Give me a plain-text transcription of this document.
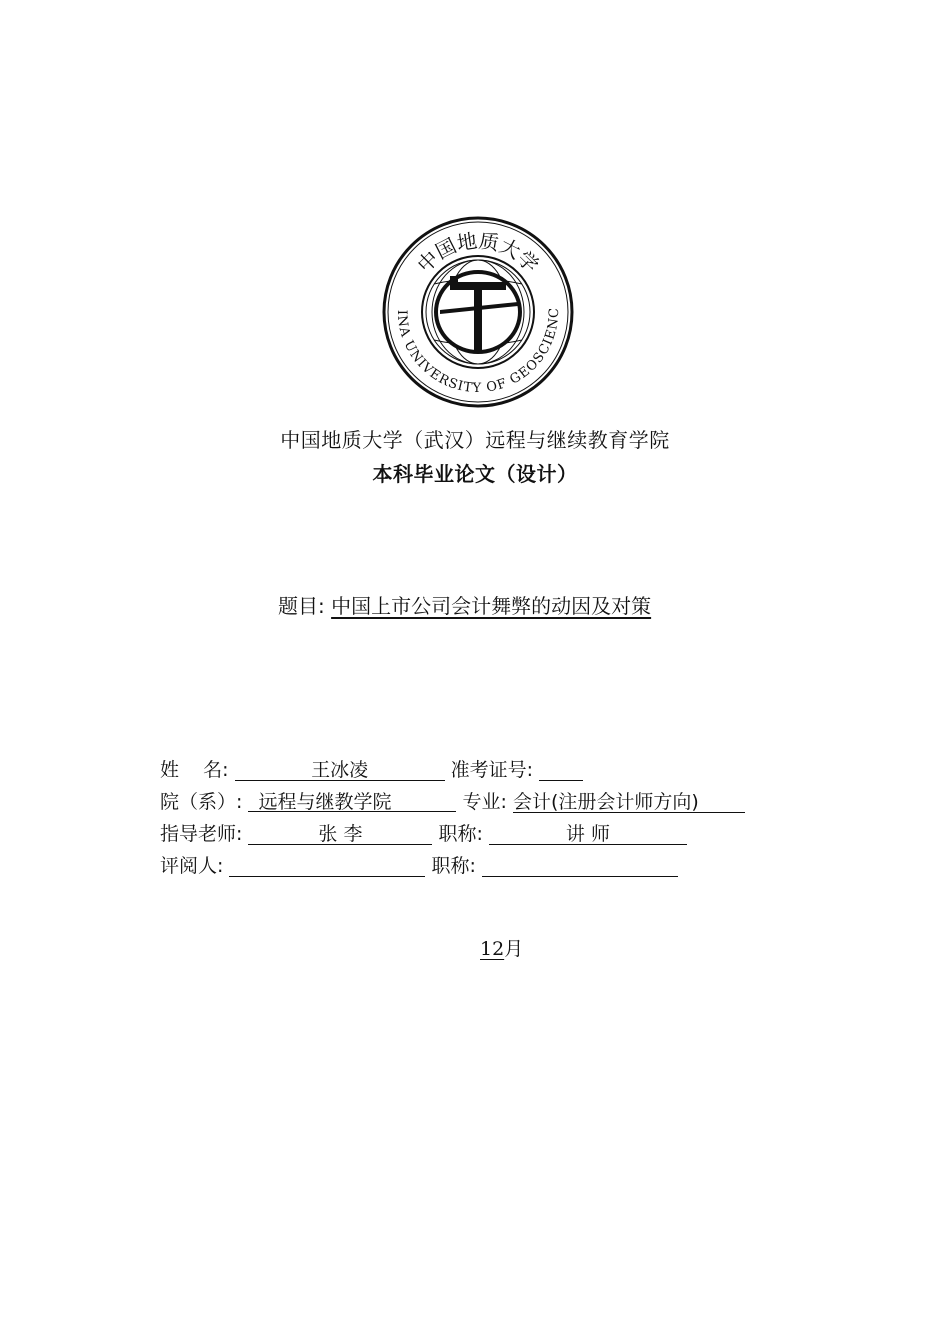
中国地质大学
INA UNIVERSITY OF GEOSCIENC
中国地质大学（武汉）远程与继续教育学院
本科毕业论文（设计）
题目: 中国上市公司会计舞弊的动因及对策
姓    名:	王冰凌	准考证号:
院（系）: 远程与继教学院	专业: 会计(注册会计师方向)
指导老师:	张 李	职称:	讲 师
评阅人:	职称:
12月
